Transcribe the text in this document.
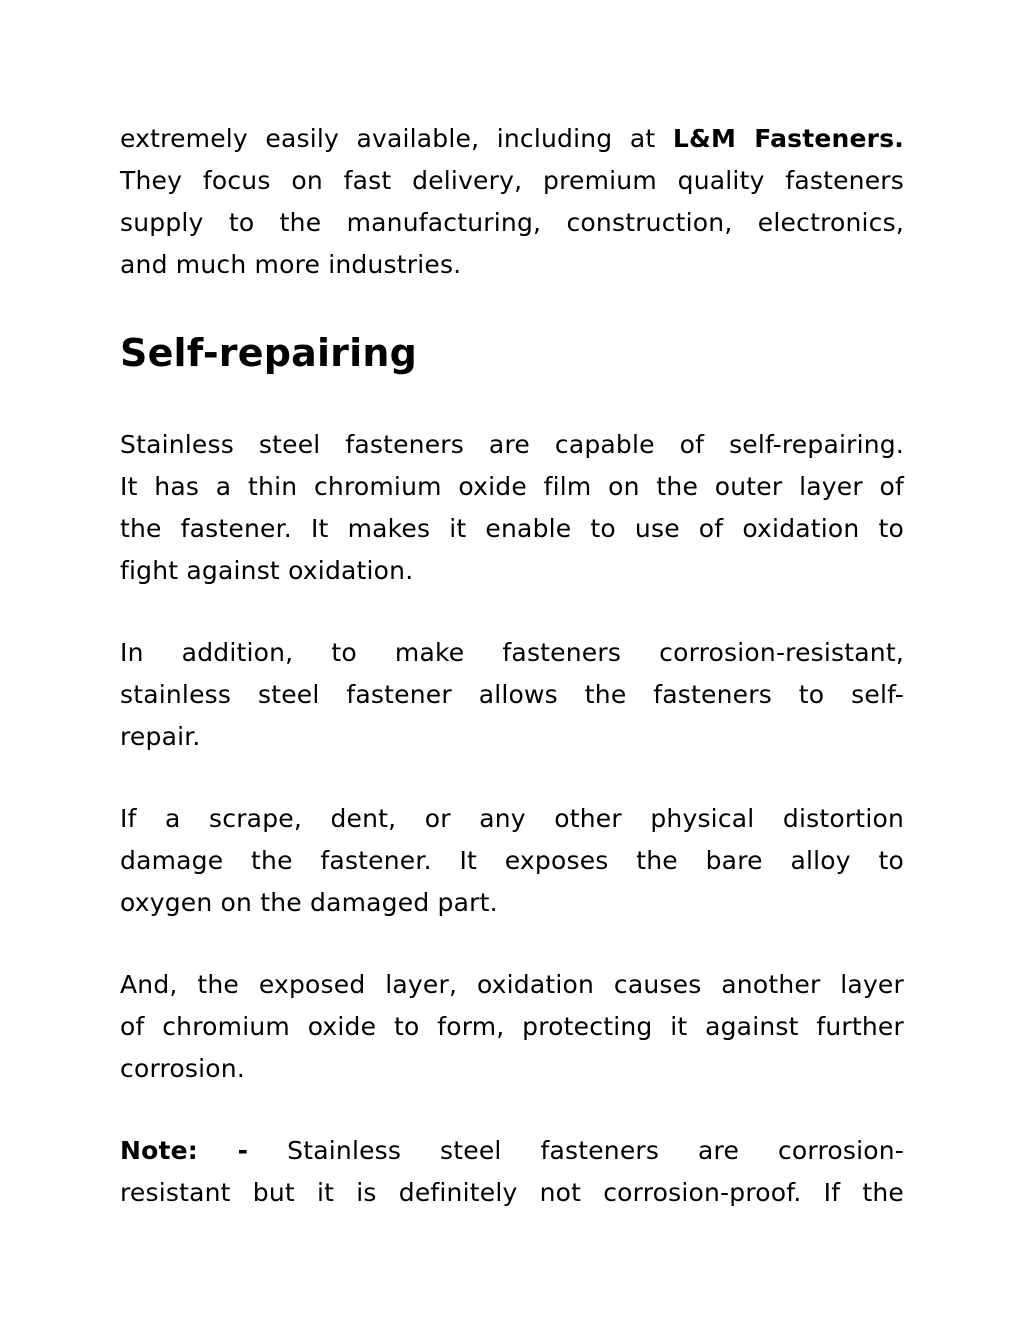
extremely easily available, including at L&M Fasteners.
They focus on fast delivery, premium quality fasteners
supply to the manufacturing, construction, electronics,
and much more industries.
Self-repairing
Stainless steel fasteners are capable of self-repairing.
It has a thin chromium oxide film on the outer layer of
the fastener. It makes it enable to use of oxidation to
fight against oxidation.
In addition, to make fasteners corrosion-resistant,
stainless steel fastener allows the fasteners to self-
repair.
If a scrape, dent, or any other physical distortion
damage the fastener. It exposes the bare alloy to
oxygen on the damaged part.
And, the exposed layer, oxidation causes another layer
of chromium oxide to form, protecting it against further
corrosion.
Note: - Stainless steel fasteners are corrosion-
resistant but it is definitely not corrosion-proof. If the
